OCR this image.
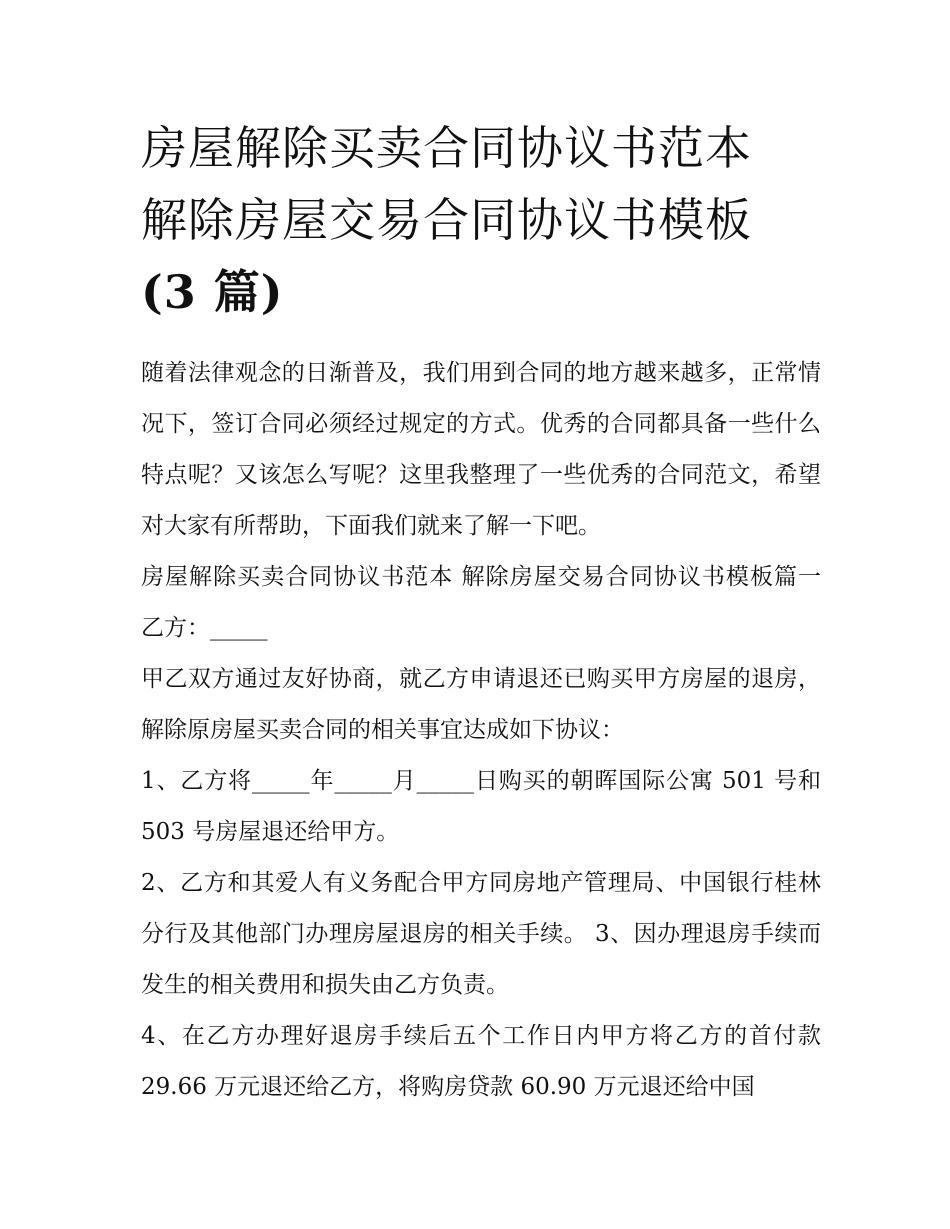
房屋解除买卖合同协议书范本
解除房屋交易合同协议书模板
(3 篇)

随着法律观念的日渐普及，我们用到合同的地方越来越多，正常情况下，签订合同必须经过规定的方式。优秀的合同都具备一些什么特点呢？又该怎么写呢？这里我整理了一些优秀的合同范文，希望对大家有所帮助，下面我们就来了解一下吧。

房屋解除买卖合同协议书范本 解除房屋交易合同协议书模板篇一 乙方：_____

甲乙双方通过友好协商，就乙方申请退还已购买甲方房屋的退房，解除原房屋买卖合同的相关事宜达成如下协议：

1、乙方将_____年_____月_____日购买的朝晖国际公寓 501 号和 503 号房屋退还给甲方。

2、乙方和其爱人有义务配合甲方同房地产管理局、中国银行桂林分行及其他部门办理房屋退房的相关手续。 3、因办理退房手续而发生的相关费用和损失由乙方负责。

4、在乙方办理好退房手续后五个工作日内甲方将乙方的首付款 29.66 万元退还给乙方，将购房贷款 60.90 万元退还给中国
